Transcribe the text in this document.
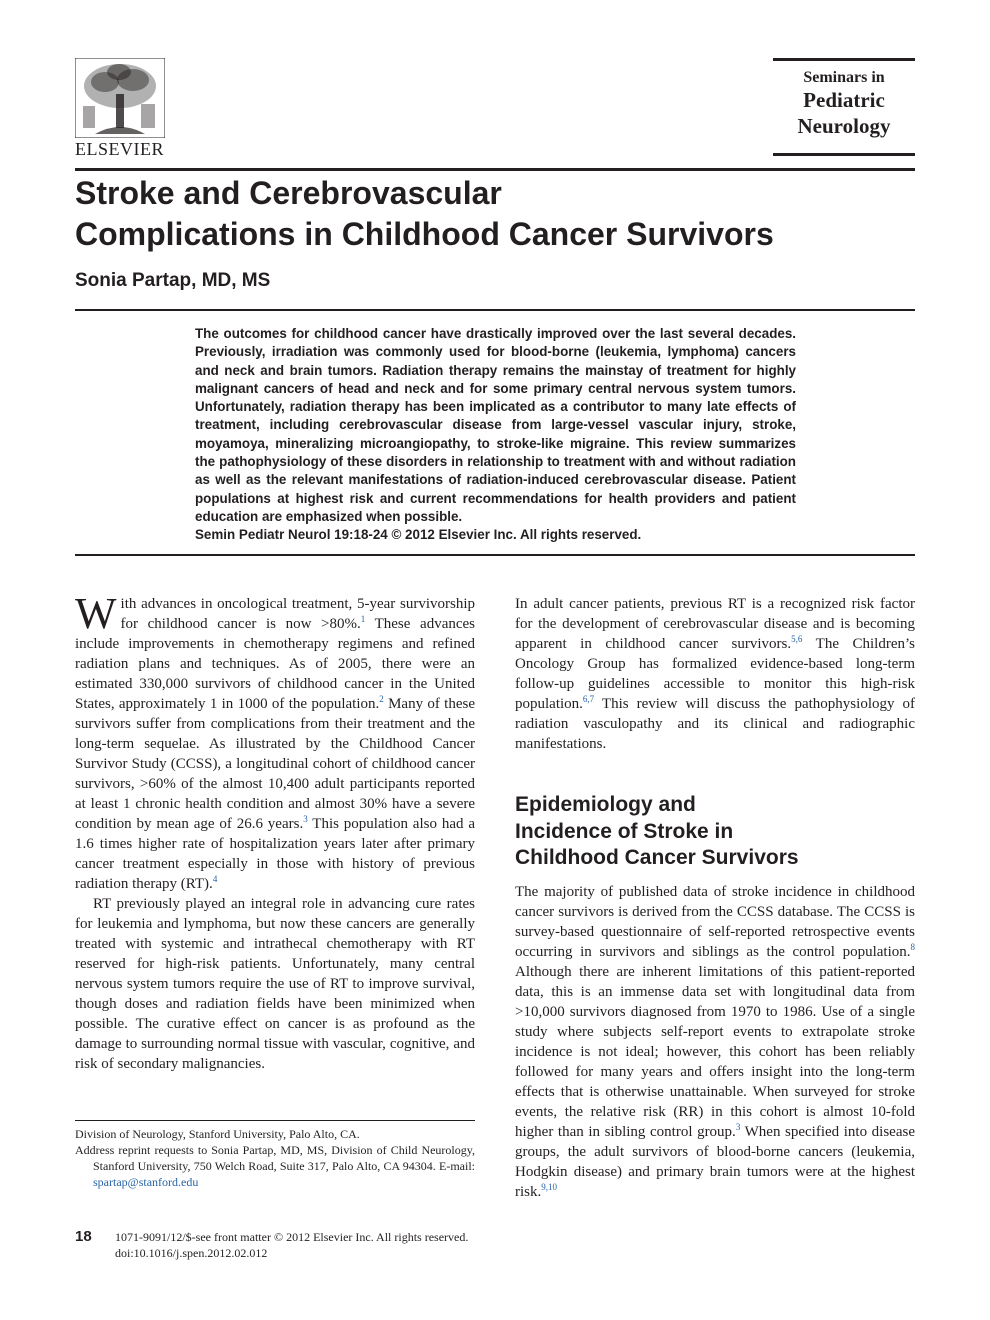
ELSEVIER
Seminars in
Pediatric
Neurology
Stroke and Cerebrovascular
Complications in Childhood Cancer Survivors
Sonia Partap, MD, MS

The outcomes for childhood cancer have drastically improved over the last several decades. Previously, irradiation was commonly used for blood-borne (leukemia, lymphoma) cancers and neck and brain tumors. Radiation therapy remains the mainstay of treatment for highly malignant cancers of head and neck and for some primary central nervous system tumors. Unfortunately, radiation therapy has been implicated as a contributor to many late effects of treatment, including cerebrovascular disease from large-vessel vascular injury, stroke, moyamoya, mineralizing microangiopathy, to stroke-like migraine. This review summarizes the pathophysiology of these disorders in relationship to treatment with and without radiation as well as the relevant manifestations of radiation-induced cerebrovascular disease. Patient populations at highest risk and current recommendations for health providers and patient education are emphasized when possible.

Semin Pediatr Neurol 19:18-24 © 2012 Elsevier Inc. All rights reserved.

With advances in oncological treatment, 5-year survivorship for childhood cancer is now >80%.$^1$ These advances include improvements in chemotherapy regimens and refined radiation plans and techniques. As of 2005, there were an estimated 330,000 survivors of childhood cancer in the United States, approximately 1 in 1000 of the population.$^2$ Many of these survivors suffer from complications from their treatment and the long-term sequelae. As illustrated by the Childhood Cancer Survivor Study (CCSS), a longitudinal cohort of childhood cancer survivors, >60% of the almost 10,400 adult participants reported at least 1 chronic health condition and almost 30% have a severe condition by mean age of 26.6 years.$^3$ This population also had a 1.6 times higher rate of hospitalization years later after primary cancer treatment especially in those with history of previous radiation therapy (RT).$^4$

RT previously played an integral role in advancing cure rates for leukemia and lymphoma, but now these cancers are generally treated with systemic and intrathecal chemotherapy with RT reserved for high-risk patients. Unfortunately, many central nervous system tumors require the use of RT to improve survival, though doses and radiation fields have been minimized when possible. The curative effect on cancer is as profound as the damage to surrounding normal tissue with vascular, cognitive, and risk of secondary malignancies.

Division of Neurology, Stanford University, Palo Alto, CA.

Address reprint requests to Sonia Partap, MD, MS, Division of Child Neurology, Stanford University, 750 Welch Road, Suite 317, Palo Alto, CA 94304. E-mail: spartap@stanford.edu

In adult cancer patients, previous RT is a recognized risk factor for the development of cerebrovascular disease and is becoming apparent in childhood cancer survivors.$^{5,6}$ The Children’s Oncology Group has formalized evidence-based long-term follow-up guidelines accessible to monitor this high-risk population.$^{6,7}$ This review will discuss the pathophysiology of radiation vasculopathy and its clinical and radiographic manifestations.

Epidemiology and
Incidence of Stroke in
Childhood Cancer Survivors

The majority of published data of stroke incidence in childhood cancer survivors is derived from the CCSS database. The CCSS is survey-based questionnaire of self-reported retrospective events occurring in survivors and siblings as the control population.$^8$ Although there are inherent limitations of this patient-reported data, this is an immense data set with longitudinal data from >10,000 survivors diagnosed from 1970 to 1986. Use of a single study where subjects self-report events to extrapolate stroke incidence is not ideal; however, this cohort has been reliably followed for many years and offers insight into the long-term effects that is otherwise unattainable. When surveyed for stroke events, the relative risk (RR) in this cohort is almost 10-fold higher than in sibling control group.$^3$ When specified into disease groups, the adult survivors of blood-borne cancers (leukemia, Hodgkin disease) and primary brain tumors were at the highest risk.$^{9,10}$

18 1071-9091/12/$-see front matter © 2012 Elsevier Inc. All rights reserved.
doi:10.1016/j.spen.2012.02.012
